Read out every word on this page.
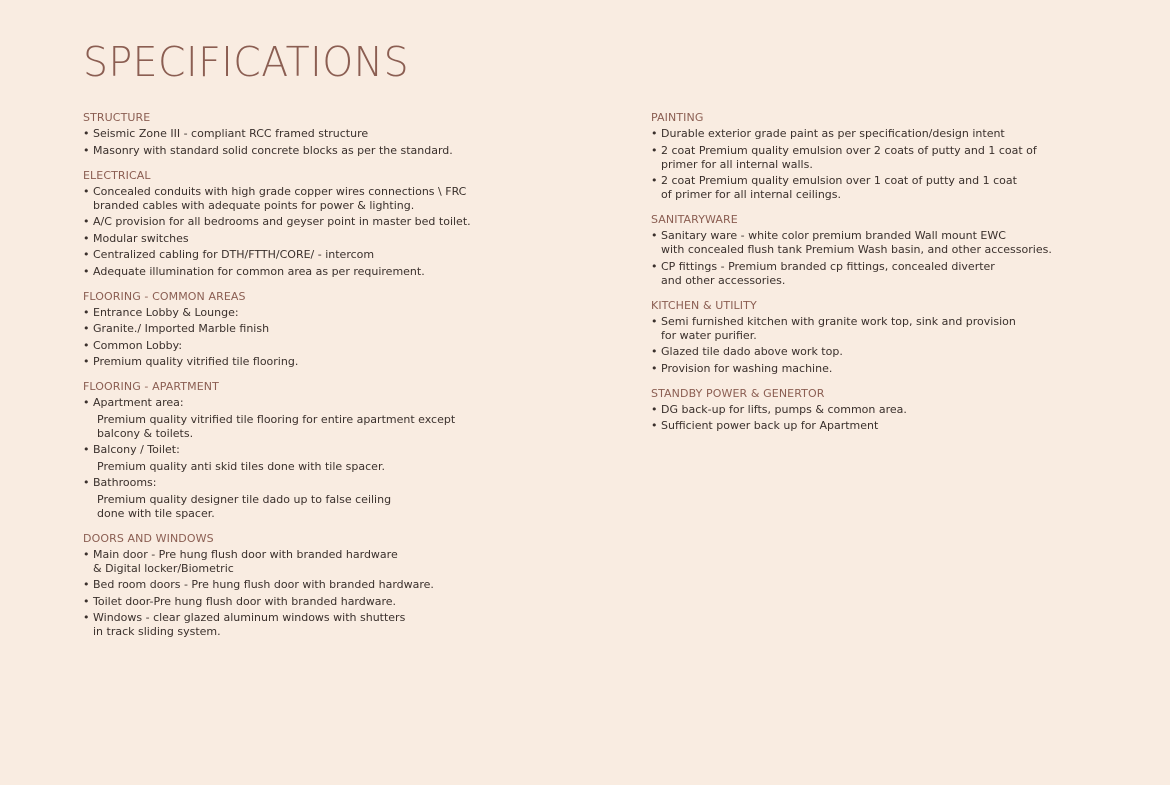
SPECIFICATIONS
STRUCTURE
• Seismic Zone III - compliant RCC framed structure
• Masonry with standard solid concrete blocks as per the standard.
ELECTRICAL
• Concealed conduits with high grade copper wires connections \ FRC
branded cables with adequate points for power & lighting.
• A/C provision for all bedrooms and geyser point in master bed toilet.
• Modular switches
• Centralized cabling for DTH/FTTH/CORE/ - intercom
• Adequate illumination for common area as per requirement.
FLOORING - COMMON AREAS
• Entrance Lobby & Lounge:
• Granite./ Imported Marble finish
• Common Lobby:
• Premium quality vitrified tile flooring.
FLOORING - APARTMENT
• Apartment area:
Premium quality vitrified tile flooring for entire apartment except
balcony & toilets.
• Balcony / Toilet:
Premium quality anti skid tiles done with tile spacer.
• Bathrooms:
Premium quality designer tile dado up to false ceiling
done with tile spacer.
DOORS AND WINDOWS
• Main door - Pre hung flush door with branded hardware
& Digital locker/Biometric
• Bed room doors - Pre hung flush door with branded hardware.
• Toilet door-Pre hung flush door with branded hardware.
• Windows - clear glazed aluminum windows with shutters
in track sliding system.
PAINTING
• Durable exterior grade paint as per specification/design intent
• 2 coat Premium quality emulsion over 2 coats of putty and 1 coat of
primer for all internal walls.
• 2 coat Premium quality emulsion over 1 coat of putty and 1 coat
of primer for all internal ceilings.
SANITARYWARE
• Sanitary ware - white color premium branded Wall mount EWC
with concealed flush tank Premium Wash basin, and other accessories.
• CP fittings - Premium branded cp fittings, concealed diverter
and other accessories.
KITCHEN & UTILITY
• Semi furnished kitchen with granite work top, sink and provision
for water purifier.
• Glazed tile dado above work top.
• Provision for washing machine.
STANDBY POWER & GENERTOR
• DG back-up for lifts, pumps & common area.
• Sufficient power back up for Apartment
